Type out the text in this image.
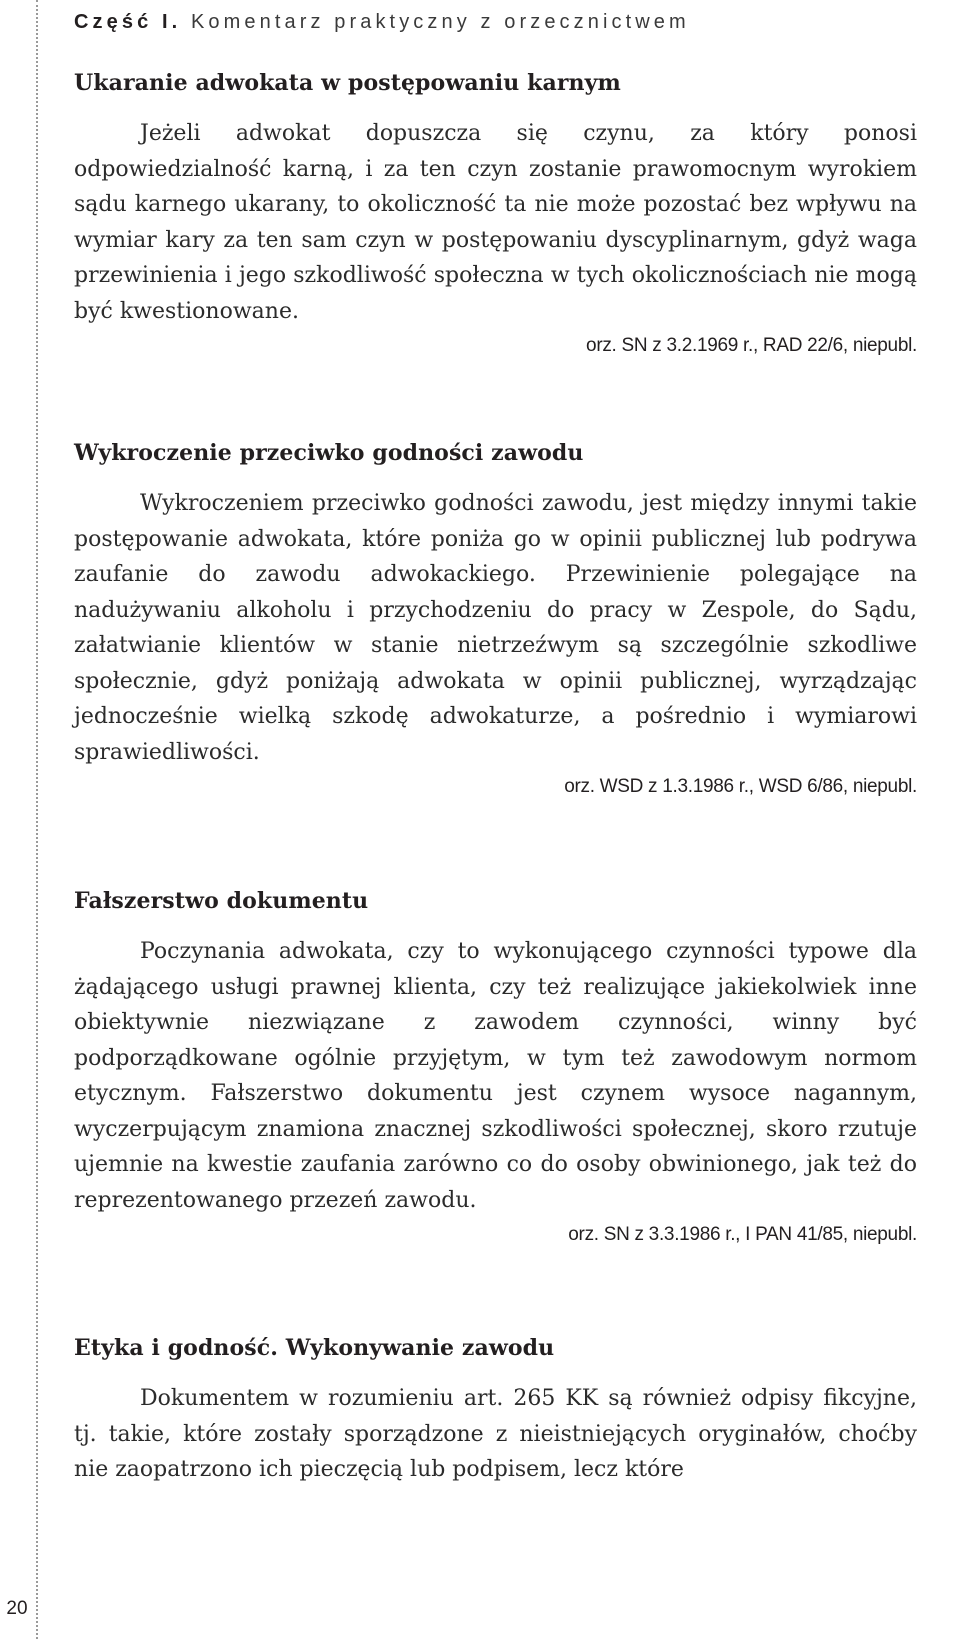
20

Część I. Komentarz praktyczny z orzecznictwem

Ukaranie adwokata w postępowaniu karnym

Jeżeli adwokat dopuszcza się czynu, za który ponosi odpowiedzialność karną, i za ten czyn zostanie prawomocnym wyrokiem sądu karnego ukarany, to okoliczność ta nie może pozostać bez wpływu na wymiar kary za ten sam czyn w postępowaniu dyscyplinarnym, gdyż waga przewinienia i jego szkodliwość społeczna w tych okolicznościach nie mogą być kwestionowane.

orz. SN z 3.2.1969 r., RAD 22/6, niepubl.

Wykroczenie przeciwko godności zawodu

Wykroczeniem przeciwko godności zawodu, jest między innymi takie postępowanie adwokata, które poniża go w opinii publicznej lub podrywa zaufanie do zawodu adwokackiego. Przewinienie polegające na nadużywaniu alkoholu i przychodzeniu do pracy w Zespole, do Sądu, załatwianie klientów w stanie nietrzeźwym są szczególnie szkodliwe społecznie, gdyż poniżają adwokata w opinii publicznej, wyrządzając jednocześnie wielką szkodę adwokaturze, a pośrednio i wymiarowi sprawiedliwości.

orz. WSD z 1.3.1986 r., WSD 6/86, niepubl.

Fałszerstwo dokumentu

Poczynania adwokata, czy to wykonującego czynności typowe dla żądającego usługi prawnej klienta, czy też realizujące jakiekolwiek inne obiektywnie niezwiązane z zawodem czynności, winny być podporządkowane ogólnie przyjętym, w tym też zawodowym normom etycznym. Fałszerstwo dokumentu jest czynem wysoce nagannym, wyczerpującym znamiona znacznej szkodliwości społecznej, skoro rzutuje ujemnie na kwestie zaufania zarówno co do osoby obwinionego, jak też do reprezentowanego przezeń zawodu.

orz. SN z 3.3.1986 r., I PAN 41/85, niepubl.

Etyka i godność. Wykonywanie zawodu

Dokumentem w rozumieniu art. 265 KK są również odpisy fikcyjne, tj. takie, które zostały sporządzone z nieistniejących oryginałów, choćby nie zaopatrzono ich pieczęcią lub podpisem, lecz które
